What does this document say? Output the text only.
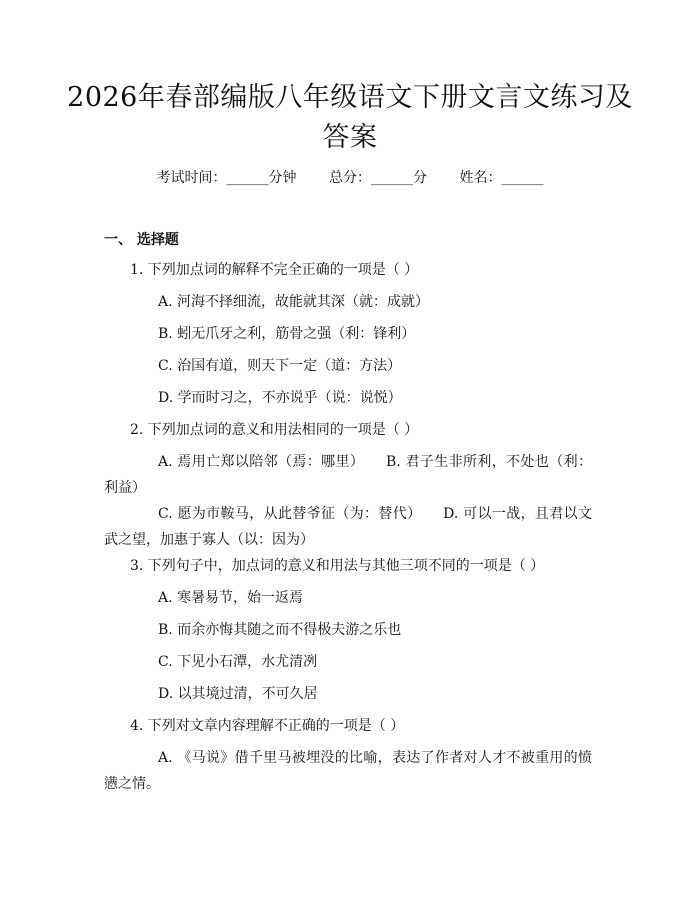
2026年春部编版八年级语文下册文言文练习及答案
考试时间：______分钟 总分：______分 姓名：______
一、 选择题
1. 下列加点词的解释不完全正确的一项是（ ）
A. 河海不择细流，故能就其深（就：成就）
B. 蚓无爪牙之利，筋骨之强（利：锋利）
C. 治国有道，则天下一定（道：方法）
D. 学而时习之，不亦说乎（说：说悦）
2. 下列加点词的意义和用法相同的一项是（ ）
A. 焉用亡郑以陪邻（焉：哪里）　　B. 君子生非所利，不处也（利：利益）
C. 愿为市鞍马，从此替爷征（为：替代）　　D. 可以一战，且君以文武之望，加惠于寡人（以：因为）
3. 下列句子中，加点词的意义和用法与其他三项不同的一项是（ ）
A. 寒暑易节，始一返焉
B. 而余亦悔其随之而不得极夫游之乐也
C. 下见小石潭，水尤清冽
D. 以其境过清，不可久居
4. 下列对文章内容理解不正确的一项是（ ）
A. 《马说》借千里马被埋没的比喻，表达了作者对人才不被重用的愤懑之情。
